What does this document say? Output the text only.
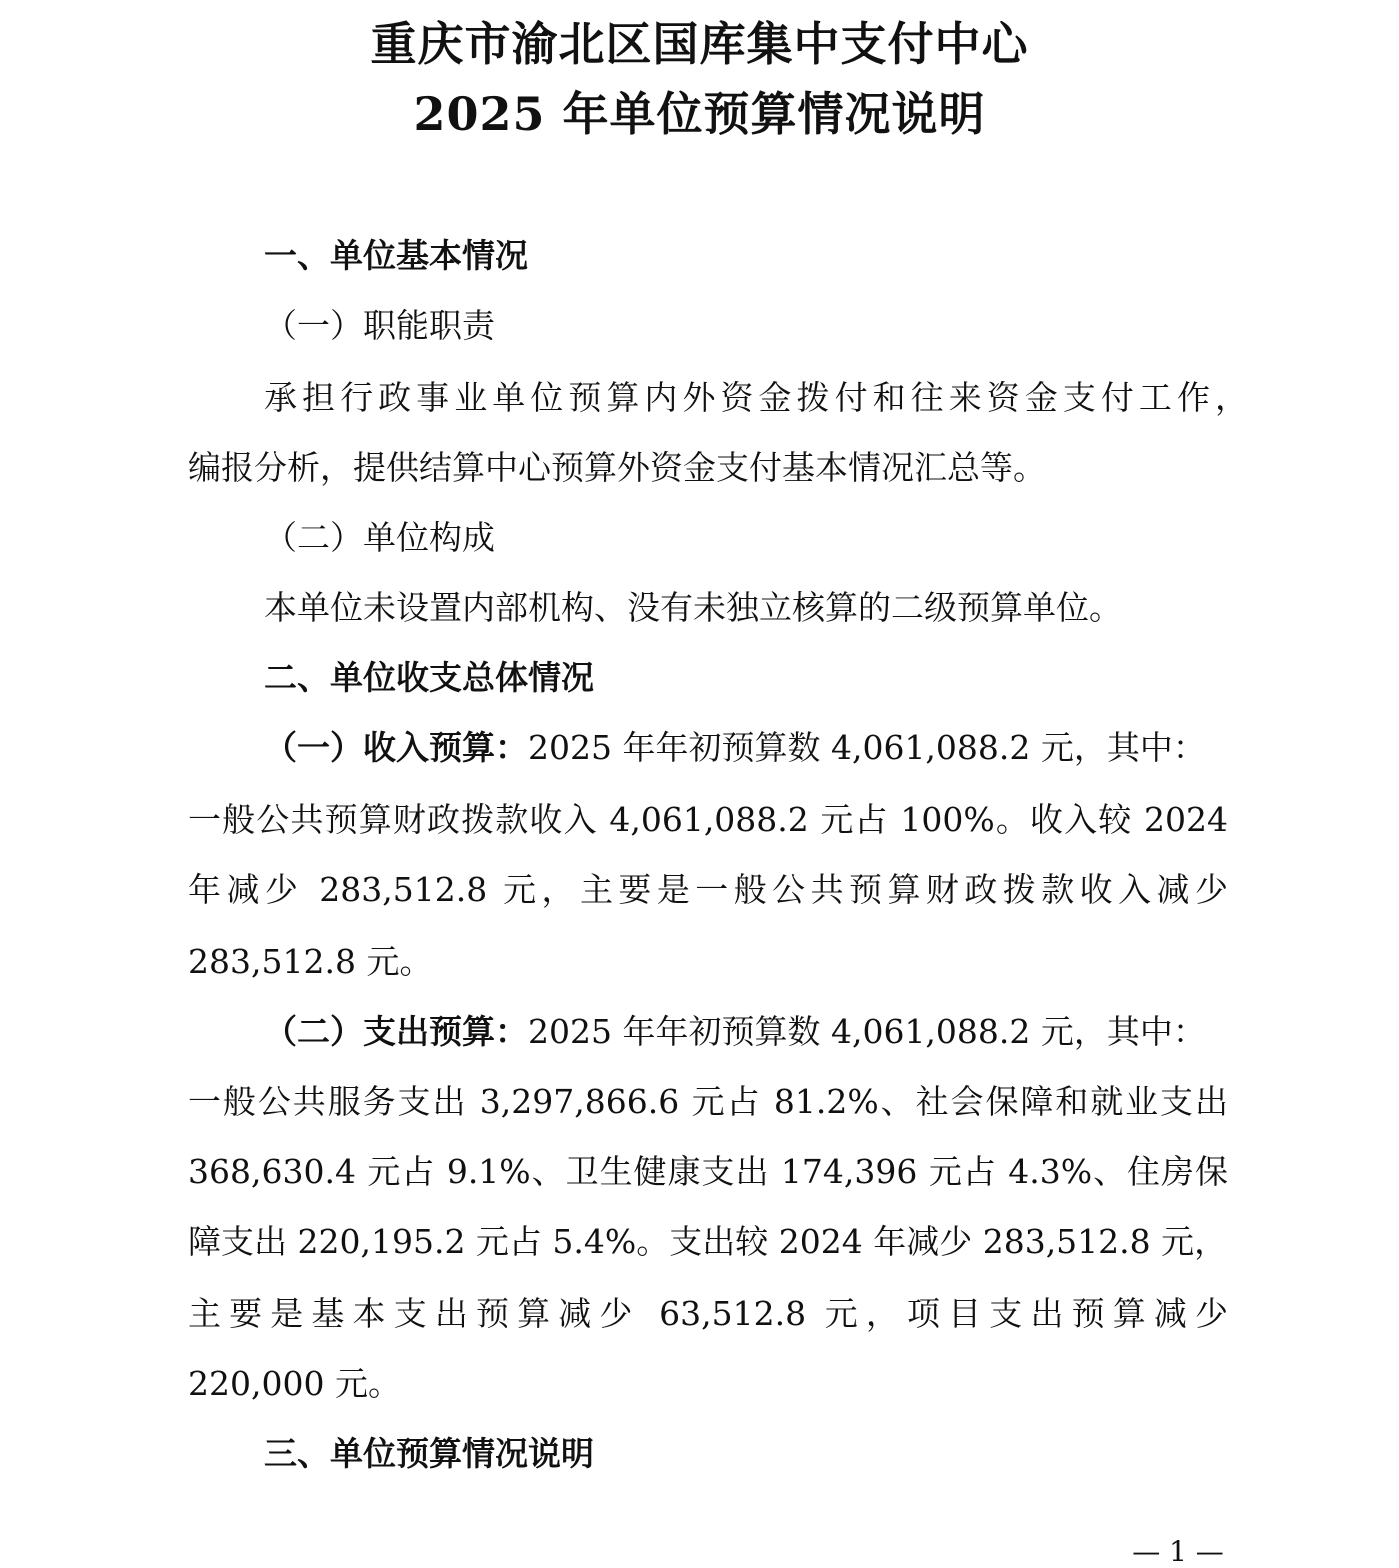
重庆市渝北区国库集中支付中心
2025 年单位预算情况说明
一、单位基本情况
（一）职能职责
承担行政事业单位预算内外资金拨付和往来资金支付工作，
编报分析，提供结算中心预算外资金支付基本情况汇总等。
（二）单位构成
本单位未设置内部机构、没有未独立核算的二级预算单位。
二、单位收支总体情况
（一）收入预算：2025 年年初预算数 4,061,088.2 元，其中：
一般公共预算财政拨款收入 4,061,088.2 元占 100%。收入较 2024
年减少 283,512.8 元，主要是一般公共预算财政拨款收入减少
283,512.8 元。
（二）支出预算：2025 年年初预算数 4,061,088.2 元，其中：
一般公共服务支出 3,297,866.6 元占 81.2%、社会保障和就业支出
368,630.4 元占 9.1%、卫生健康支出 174,396 元占 4.3%、住房保
障支出 220,195.2 元占 5.4%。支出较 2024 年减少 283,512.8 元，
主要是基本支出预算减少 63,512.8 元，项目支出预算减少
220,000 元。
三、单位预算情况说明
— 1 —
